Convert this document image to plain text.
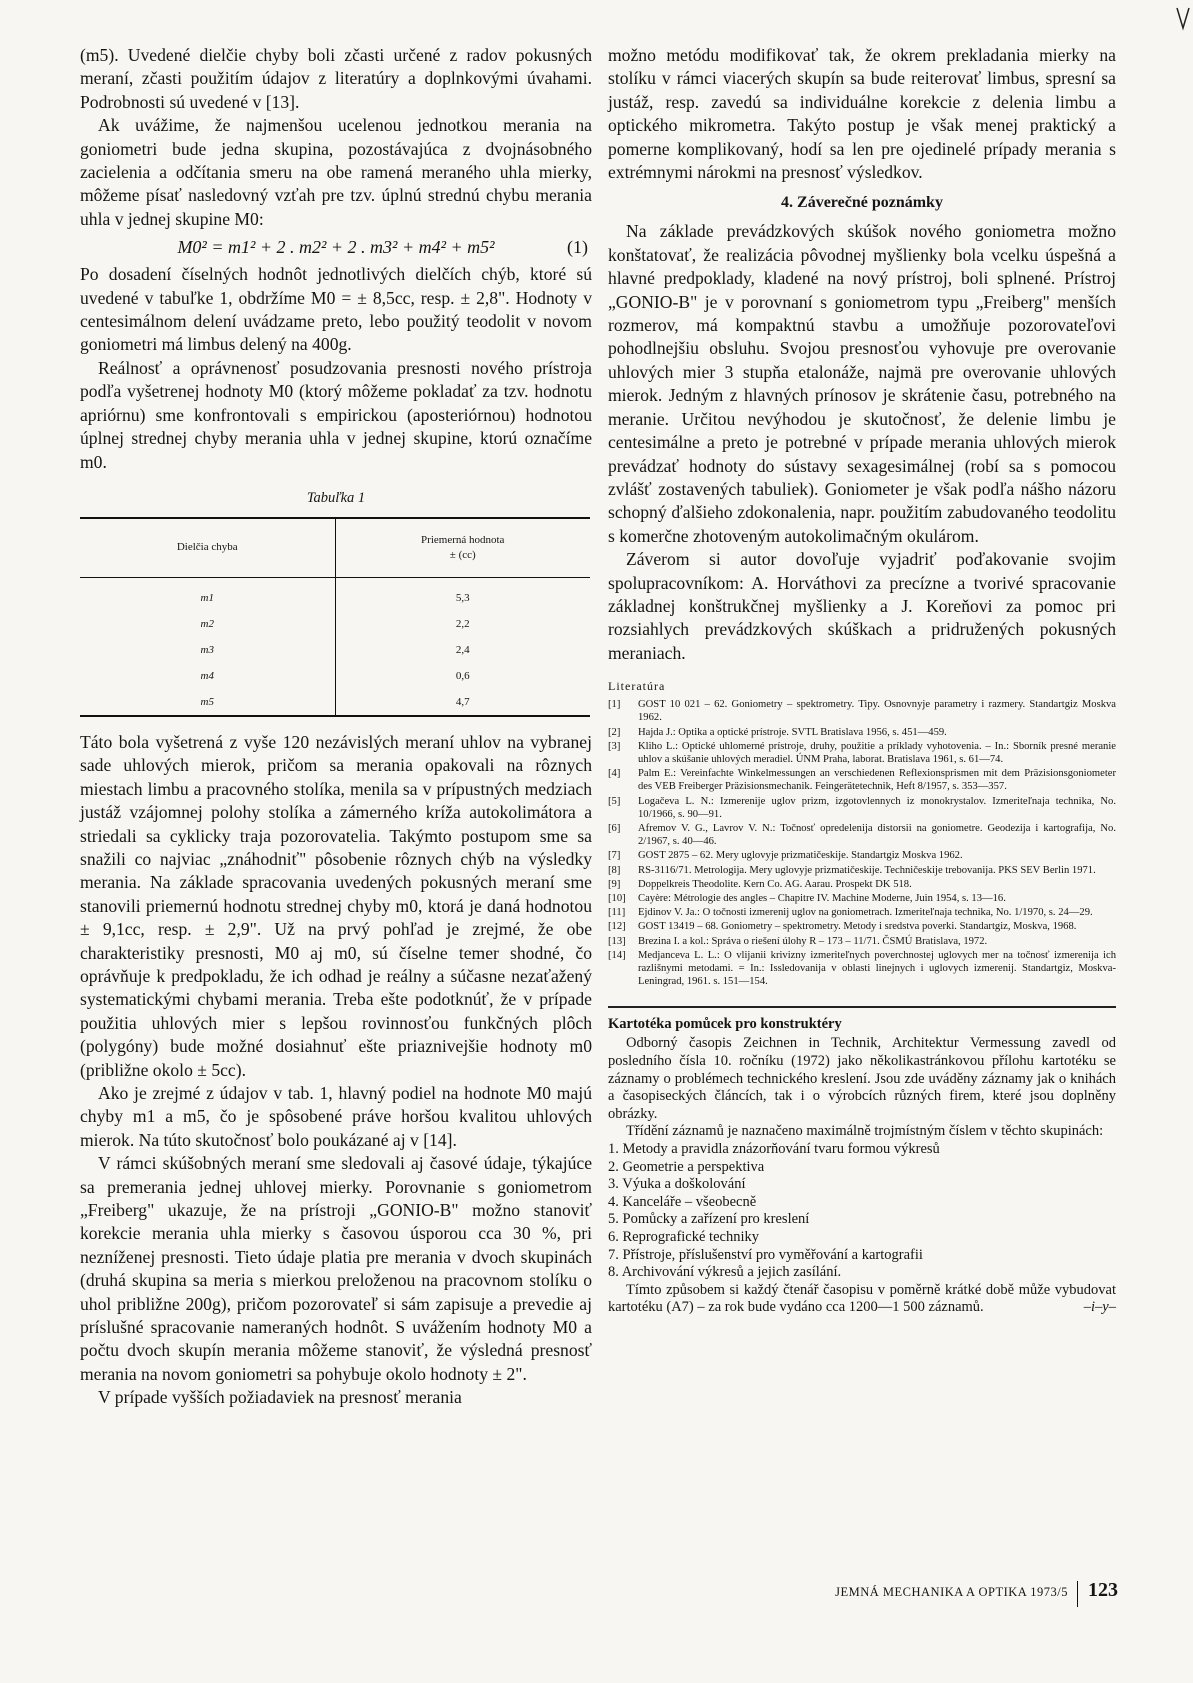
(m5). Uvedené dielčie chyby boli zčasti určené z radov pokusných meraní, zčasti použitím údajov z literatúry a doplnkovými úvahami. Podrobnosti sú uvedené v [13].

Ak uvážime, že najmenšou ucelenou jednotkou merania na goniometri bude jedna skupina, pozostávajúca z dvojnásobného zacielenia a odčítania smeru na obe ramená meraného uhla mierky, môžeme písať nasledovný vzťah pre tzv. úplnú strednú chybu merania uhla v jednej skupine M0:

M0² = m1² + 2 . m2² + 2 . m3² + m4² + m5²	(1)

Po dosadení číselných hodnôt jednotlivých dielčích chýb, ktoré sú uvedené v tabuľke 1, obdržíme M0 = ± 8,5cc, resp. ± 2,8". Hodnoty v centesimálnom delení uvádzame preto, lebo použitý teodolit v novom goniometri má limbus delený na 400g.

Reálnosť a oprávnenosť posudzovania presnosti nového prístroja podľa vyšetrenej hodnoty M0 (ktorý môžeme pokladať za tzv. hodnotu apriórnu) sme konfrontovali s empirickou (aposteriórnou) hodnotou úplnej strednej chyby merania uhla v jednej skupine, ktorú označíme m0.

Tabuľka 1
Dielčia chyba	Priemerná hodnota
± (cc)
m1	5,3
m2	2,2
m3	2,4
m4	0,6
m5	4,7

Táto bola vyšetrená z vyše 120 nezávislých meraní uhlov na vybranej sade uhlových mierok, pričom sa merania opakovali na rôznych miestach limbu a pracovného stolíka, menila sa v prípustných medziach justáž vzájomnej polohy stolíka a zámerného kríža autokolimátora a striedali sa cyklicky traja pozorovatelia. Takýmto postupom sme sa snažili co najviac „znáhodniť" pôsobenie rôznych chýb na výsledky merania. Na základe spracovania uvedených pokusných meraní sme stanovili priemernú hodnotu strednej chyby m0, ktorá je daná hodnotou ± 9,1cc, resp. ± 2,9". Už na prvý pohľad je zrejmé, že obe charakteristiky presnosti, M0 aj m0, sú číselne temer shodné, čo oprávňuje k predpokladu, že ich odhad je reálny a súčasne nezaťažený systematickými chybami merania. Treba ešte podotknúť, že v prípade použitia uhlových mier s lepšou rovinnosťou funkčných plôch (polygóny) bude možné dosiahnuť ešte priaznivejšie hodnoty m0 (približne okolo ± 5cc).

Ako je zrejmé z údajov v tab. 1, hlavný podiel na hodnote M0 majú chyby m1 a m5, čo je spôsobené práve horšou kvalitou uhlových mierok. Na túto skutočnosť bolo poukázané aj v [14].

V rámci skúšobných meraní sme sledovali aj časové údaje, týkajúce sa premerania jednej uhlovej mierky. Porovnanie s goniometrom „Freiberg" ukazuje, že na prístroji „GONIO-B" možno stanoviť korekcie merania uhla mierky s časovou úsporou cca 30 %, pri nezníženej presnosti. Tieto údaje platia pre merania v dvoch skupinách (druhá skupina sa meria s mierkou preloženou na pracovnom stolíku o uhol približne 200g), pričom pozorovateľ si sám zapisuje a prevedie aj príslušné spracovanie nameraných hodnôt. S uvážením hodnoty M0 a počtu dvoch skupín merania môžeme stanoviť, že výsledná presnosť merania na novom goniometri sa pohybuje okolo hodnoty ± 2".

V prípade vyšších požiadaviek na presnosť merania

možno metódu modifikovať tak, že okrem prekladania mierky na stolíku v rámci viacerých skupín sa bude reiterovať limbus, spresní sa justáž, resp. zavedú sa individuálne korekcie z delenia limbu a optického mikrometra. Takýto postup je však menej praktický a pomerne komplikovaný, hodí sa len pre ojedinelé prípady merania s extrémnymi nárokmi na presnosť výsledkov.

4. Záverečné poznámky

Na základe prevádzkových skúšok nového goniometra možno konštatovať, že realizácia pôvodnej myšlienky bola vcelku úspešná a hlavné predpoklady, kladené na nový prístroj, boli splnené. Prístroj „GONIO-B" je v porovnaní s goniometrom typu „Freiberg" menších rozmerov, má kompaktnú stavbu a umožňuje pozorovateľovi pohodlnejšiu obsluhu. Svojou presnosťou vyhovuje pre overovanie uhlových mier 3 stupňa etalonáže, najmä pre overovanie uhlových mierok. Jedným z hlavných prínosov je skrátenie času, potrebného na meranie. Určitou nevýhodou je skutočnosť, že delenie limbu je centesimálne a preto je potrebné v prípade merania uhlových mierok prevádzať hodnoty do sústavy sexagesimálnej (robí sa s pomocou zvlášť zostavených tabuliek). Goniometer je však podľa nášho názoru schopný ďalšieho zdokonalenia, napr. použitím zabudovaného teodolitu s komerčne zhotoveným autokolimačným okulárom.

Záverom si autor dovoľuje vyjadriť poďakovanie svojim spolupracovníkom: A. Horváthovi za precízne a tvorivé spracovanie základnej konštrukčnej myšlienky a J. Koreňovi za pomoc pri rozsiahlych prevádzkových skúškach a pridružených pokusných meraniach.

Literatúra
[1] GOST 10 021 – 62. Goniometry – spektrometry. Tipy. Osnovnyje parametry i razmery. Standartgiz Moskva 1962.
[2] Hajda J.: Optika a optické prístroje. SVTL Bratislava 1956, s. 451—459.
[3] Kliho L.: Optické uhlomerné prístroje, druhy, použitie a príklady vyhotovenia. – In.: Sborník presné meranie uhlov a skúšanie uhlových meradiel. ÚNM Praha, laborat. Bratislava 1961, s. 61—74.
[4] Palm E.: Vereinfachte Winkelmessungen an verschiedenen Reflexionsprismen mit dem Präzisionsgoniometer des VEB Freiberger Präzisionsmechanik. Feingerätetechnik, Heft 8/1957, s. 353—357.
[5] Logačeva L. N.: Izmerenije uglov prizm, izgotovlennych iz monokrystalov. Izmeriteľnaja technika, No. 10/1966, s. 90—91.
[6] Afremov V. G., Lavrov V. N.: Točnosť opredelenija distorsii na goniometre. Geodezija i kartografija, No. 2/1967, s. 40—46.
[7] GOST 2875 – 62. Mery uglovyje prizmatičeskije. Standartgiz Moskva 1962.
[8] RS-3116/71. Metrologija. Mery uglovyje prizmatičeskije. Techničeskije trebovanija. PKS SEV Berlin 1971.
[9] Doppelkreis Theodolite. Kern Co. AG. Aarau. Prospekt DK 518.
[10] Cayère: Métrologie des angles – Chapitre IV. Machine Moderne, Juin 1954, s. 13—16.
[11] Ejdinov V. Ja.: O točnosti izmerenij uglov na goniometrach. Izmeriteľnaja technika, No. 1/1970, s. 24—29.
[12] GOST 13419 – 68. Goniometry – spektrometry. Metody i sredstva poverki. Standartgiz, Moskva, 1968.
[13] Brezina I. a kol.: Správa o riešení úlohy R – 173 – 11/71. ČSMÚ Bratislava, 1972.
[14] Medjanceva L. L.: O vlijanii krivizny izmeriteľnych poverchnostej uglovych mer na točnosť izmerenija ich razlišnymi metodami. = In.: Issledovanija v oblasti linejnych i uglovych izmerenij. Standartgiz, Moskva-Leningrad, 1961. s. 151—154.
Kartotéka pomůcek pro konstruktéry

Odborný časopis Zeichnen in Technik, Architektur Vermessung zavedl od posledního čísla 10. ročníku (1972) jako několikastránkovou přílohu kartotéku se záznamy o problémech technického kreslení. Jsou zde uváděny záznamy jak o knihách a časopiseckých článcích, tak i o výrobcích různých firem, které jsou doplněny obrázky.

Třídění záznamů je naznačeno maximálně trojmístným číslem v těchto skupinách:

1. Metody a pravidla znázorňování tvaru formou výkresů
2. Geometrie a perspektiva
3. Výuka a doškolování
4. Kanceláře – všeobecně
5. Pomůcky a zařízení pro kreslení
6. Reprografické techniky
7. Přístroje, příslušenství pro vyměřování a kartografii
8. Archivování výkresů a jejich zasílání.

Tímto způsobem si každý čtenář časopisu v poměrně krátké době může vybudovat kartotéku (A7) – za rok bude vydáno cca 1200—1 500 záznamů.	–i–y–

JEMNÁ MECHANIKA A OPTIKA 1973/5 123
